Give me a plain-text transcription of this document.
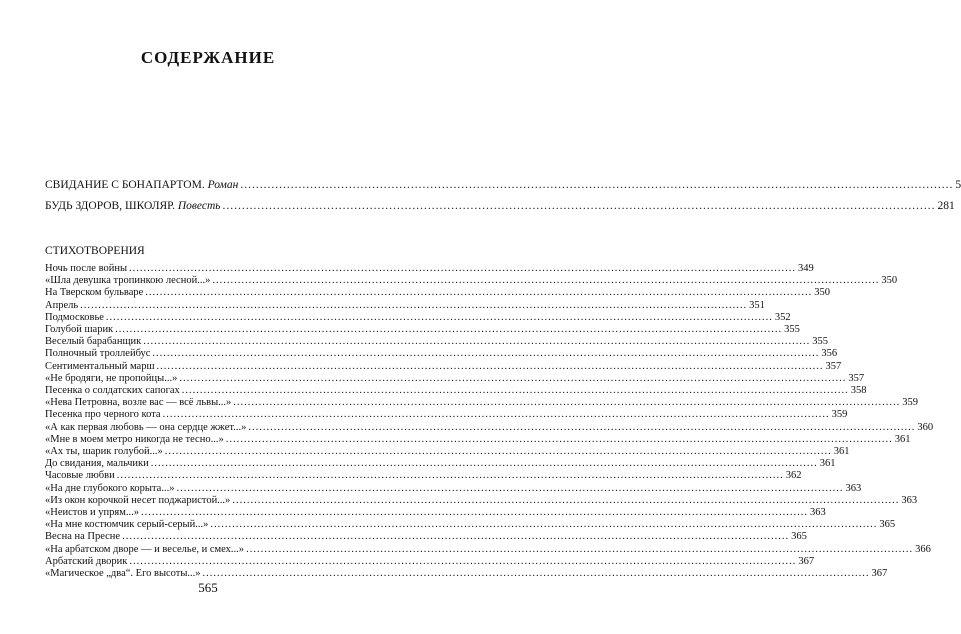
СОДЕРЖАНИЕ
СВИДАНИЕ С БОНАПАРТОМ. Роман .....	5
БУДЬ ЗДОРОВ, ШКОЛЯР. Повесть .....	281
СТИХОТВОРЕНИЯ
Ночь после войны .....	349
«Шла девушка тропинкою лесной...» .....	350
На Тверском бульваре .....	350
Апрель .....	351
Подмосковье .....	352
Голубой шарик .....	355
Веселый барабанщик .....	355
Полночный троллейбус .....	356
Сентиментальный марш .....	357
«Не бродяги, не пропойцы...» .....	357
Песенка о солдатских сапогах .....	358
«Нева Петровна, возле вас — всё львы...» .....	359
Песенка про черного кота .....	359
«А как первая любовь — она сердце жжет...» .....	360
«Мне в моем метро никогда не тесно...» .....	361
«Ах ты, шарик голубой...» .....	361
До свидания, мальчики .....	361
Часовые любви .....	362
«На дне глубокого корыта...» .....	363
«Из окон корочкой несет поджаристой...» .....	363
«Неистов и упрям...» .....	363
«На мне костюмчик серый-серый...» .....	365
Весна на Пресне .....	365
«На арбатском дворе — и веселье, и смех...» .....	366
Арбатский дворик .....	367
«Магическое „два“. Его высоты...» .....	367
565
